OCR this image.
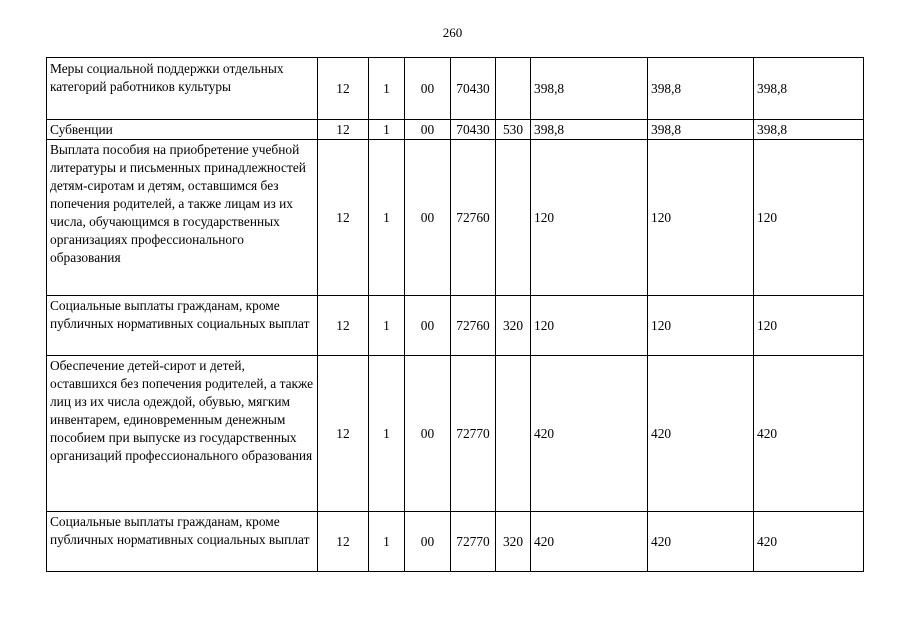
260
Меры социальной поддержки отдельных категорий работников культуры	12	1	00	70430		398,8	398,8	398,8
Субвенции	12	1	00	70430	530	398,8	398,8	398,8
Выплата пособия на приобретение учебной литературы и письменных принадлежностей детям-сиротам и детям, оставшимся без попечения родителей, а также лицам из их числа, обучающимся в государственных организациях профессионального образования	12	1	00	72760		120	120	120
Социальные выплаты гражданам, кроме публичных нормативных социальных выплат	12	1	00	72760	320	120	120	120
Обеспечение детей-сирот и детей, оставшихся без попечения родителей, а также лиц из их числа одеждой, обувью, мягким инвентарем, единовременным денежным пособием при выпуске из государственных организаций профессионального образования	12	1	00	72770		420	420	420
Социальные выплаты гражданам, кроме публичных нормативных социальных выплат	12	1	00	72770	320	420	420	420
